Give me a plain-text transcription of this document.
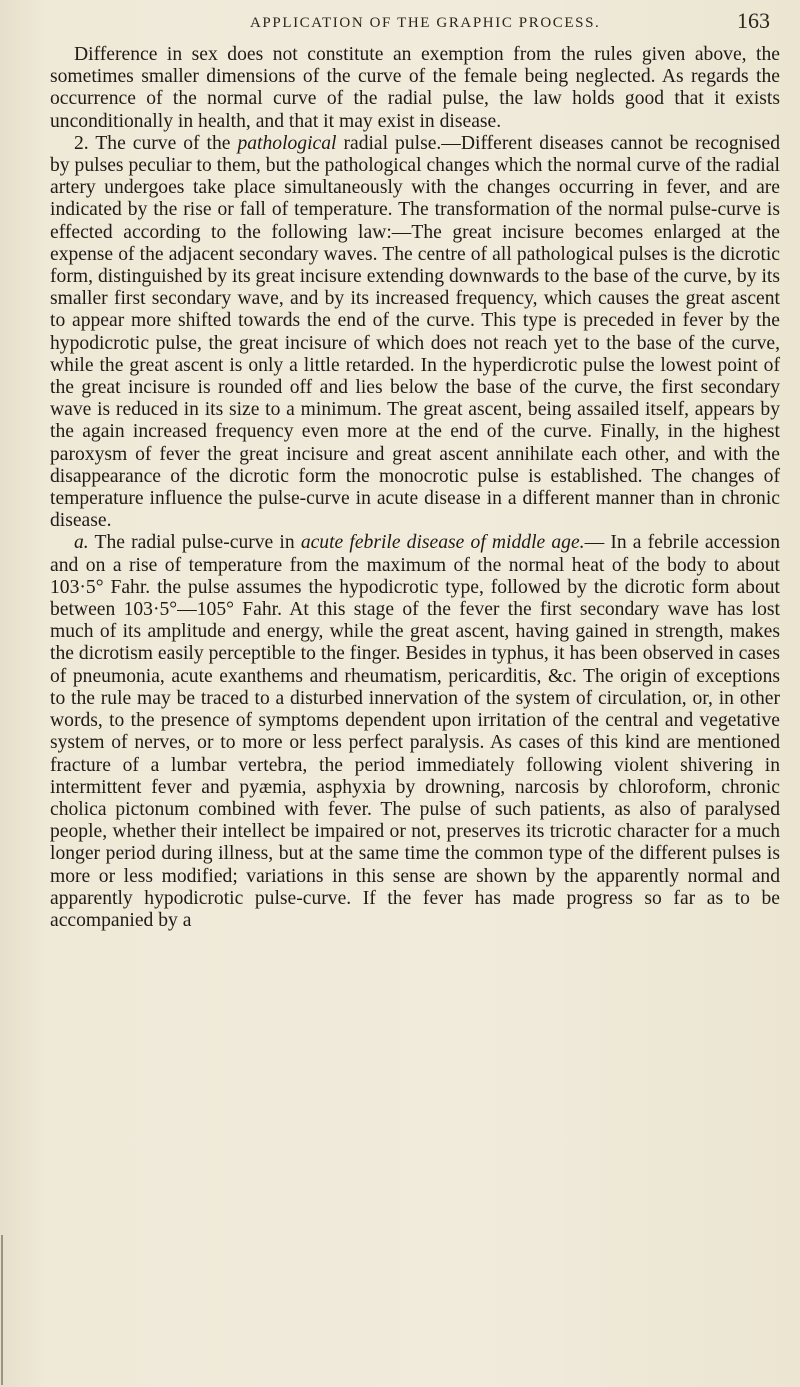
APPLICATION OF THE GRAPHIC PROCESS.	163

Difference in sex does not constitute an exemption from the rules given above, the sometimes smaller dimensions of the curve of the female being neglected. As regards the occurrence of the normal curve of the radial pulse, the law holds good that it exists unconditionally in health, and that it may exist in disease.

2. The curve of the pathological radial pulse.—Different diseases cannot be recognised by pulses peculiar to them, but the pathological changes which the normal curve of the radial artery undergoes take place simultaneously with the changes occurring in fever, and are indicated by the rise or fall of temperature. The transformation of the normal pulse-curve is effected according to the following law:—The great incisure becomes enlarged at the expense of the adjacent secondary waves. The centre of all pathological pulses is the dicrotic form, distinguished by its great incisure extending downwards to the base of the curve, by its smaller first secondary wave, and by its increased frequency, which causes the great ascent to appear more shifted towards the end of the curve. This type is preceded in fever by the hypodicrotic pulse, the great incisure of which does not reach yet to the base of the curve, while the great ascent is only a little retarded. In the hyperdicrotic pulse the lowest point of the great incisure is rounded off and lies below the base of the curve, the first secondary wave is reduced in its size to a minimum. The great ascent, being assailed itself, appears by the again increased frequency even more at the end of the curve. Finally, in the highest paroxysm of fever the great incisure and great ascent annihilate each other, and with the disappearance of the dicrotic form the monocrotic pulse is established. The changes of temperature influence the pulse-curve in acute disease in a different manner than in chronic disease.

a. The radial pulse-curve in acute febrile disease of middle age.— In a febrile accession and on a rise of temperature from the maximum of the normal heat of the body to about 103·5° Fahr. the pulse assumes the hypodicrotic type, followed by the dicrotic form about between 103·5°—105° Fahr. At this stage of the fever the first secondary wave has lost much of its amplitude and energy, while the great ascent, having gained in strength, makes the dicrotism easily perceptible to the finger. Besides in typhus, it has been observed in cases of pneumonia, acute exanthems and rheumatism, pericarditis, &c. The origin of exceptions to the rule may be traced to a disturbed innervation of the system of circulation, or, in other words, to the presence of symptoms dependent upon irritation of the central and vegetative system of nerves, or to more or less perfect paralysis. As cases of this kind are mentioned fracture of a lumbar vertebra, the period immediately following violent shivering in intermittent fever and pyæmia, asphyxia by drowning, narcosis by chloroform, chronic cholica pictonum combined with fever. The pulse of such patients, as also of paralysed people, whether their intellect be impaired or not, preserves its tricrotic character for a much longer period during illness, but at the same time the common type of the different pulses is more or less modified; variations in this sense are shown by the apparently normal and apparently hypodicrotic pulse-curve. If the fever has made progress so far as to be accompanied by a
